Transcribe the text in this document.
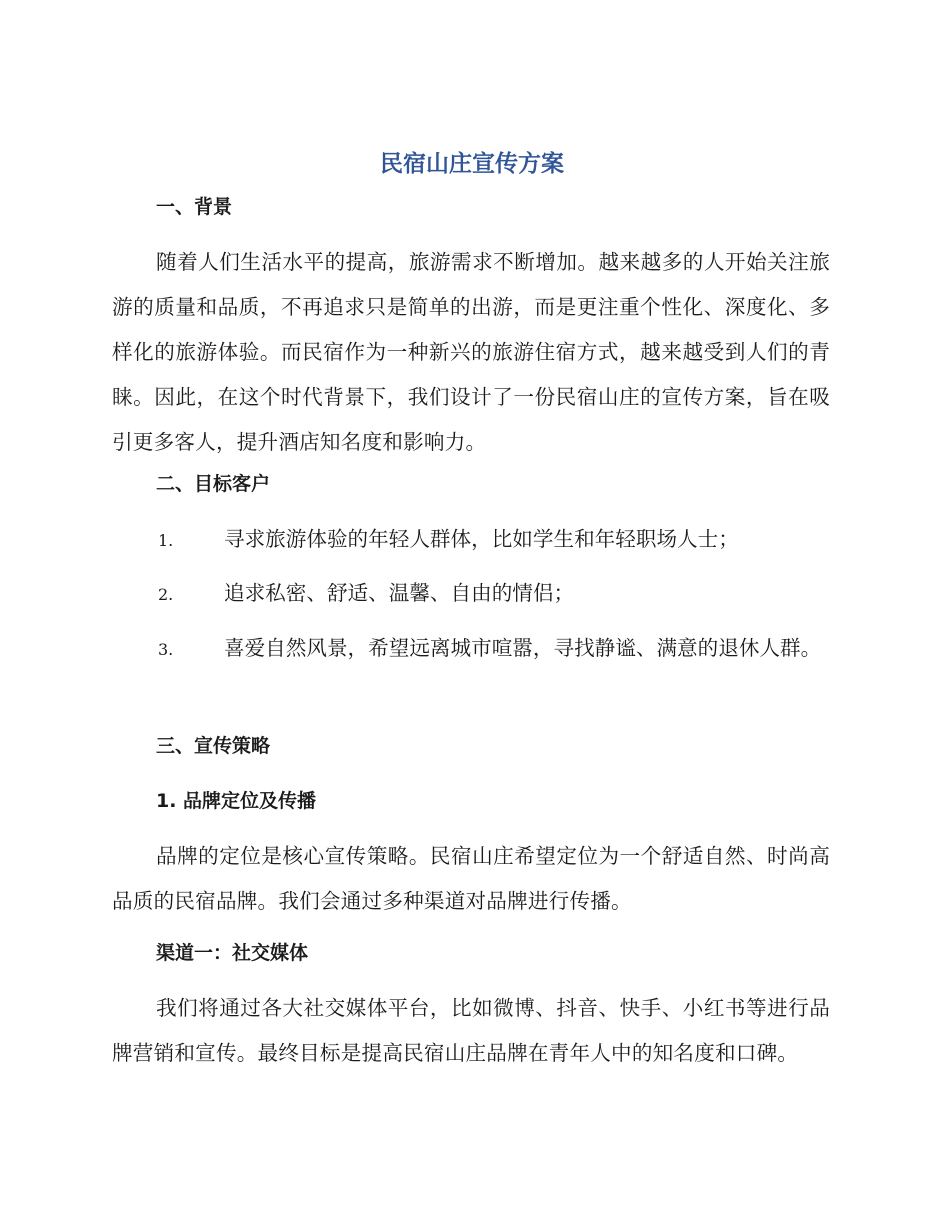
民宿山庄宣传方案
一、背景

随着人们生活水平的提高，旅游需求不断增加。越来越多的人开始关注旅游的质量和品质，不再追求只是简单的出游，而是更注重个性化、深度化、多样化的旅游体验。而民宿作为一种新兴的旅游住宿方式，越来越受到人们的青睐。因此，在这个时代背景下，我们设计了一份民宿山庄的宣传方案，旨在吸引更多客人，提升酒店知名度和影响力。

二、目标客户

1. 寻求旅游体验的年轻人群体，比如学生和年轻职场人士；

2. 追求私密、舒适、温馨、自由的情侣；

3. 喜爱自然风景，希望远离城市喧嚣，寻找静谧、满意的退休人群。

三、宣传策略
1. 品牌定位及传播

品牌的定位是核心宣传策略。民宿山庄希望定位为一个舒适自然、时尚高品质的民宿品牌。我们会通过多种渠道对品牌进行传播。

渠道一：社交媒体

我们将通过各大社交媒体平台，比如微博、抖音、快手、小红书等进行品牌营销和宣传。最终目标是提高民宿山庄品牌在青年人中的知名度和口碑。
